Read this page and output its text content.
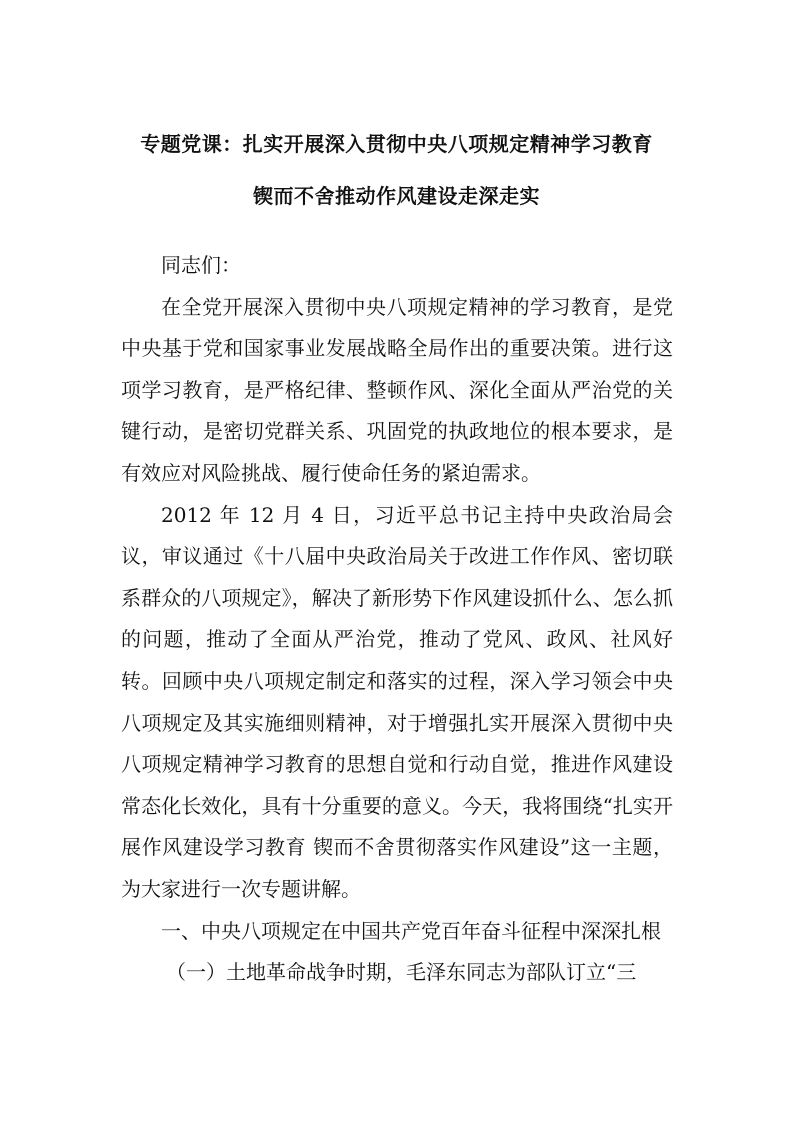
专题党课：扎实开展深入贯彻中央八项规定精神学习教育
锲而不舍推动作风建设走深走实

同志们：

在全党开展深入贯彻中央八项规定精神的学习教育，是党中央基于党和国家事业发展战略全局作出的重要决策。进行这项学习教育，是严格纪律、整顿作风、深化全面从严治党的关键行动，是密切党群关系、巩固党的执政地位的根本要求，是有效应对风险挑战、履行使命任务的紧迫需求。

2012 年 12 月 4 日，习近平总书记主持中央政治局会议，审议通过《十八届中央政治局关于改进工作作风、密切联系群众的八项规定》，解决了新形势下作风建设抓什么、怎么抓的问题，推动了全面从严治党，推动了党风、政风、社风好转。回顾中央八项规定制定和落实的过程，深入学习领会中央八项规定及其实施细则精神，对于增强扎实开展深入贯彻中央八项规定精神学习教育的思想自觉和行动自觉，推进作风建设常态化长效化，具有十分重要的意义。今天，我将围绕“扎实开展作风建设学习教育 锲而不舍贯彻落实作风建设”这一主题，为大家进行一次专题讲解。

一、中央八项规定在中国共产党百年奋斗征程中深深扎根

（一）土地革命战争时期，毛泽东同志为部队订立“三
